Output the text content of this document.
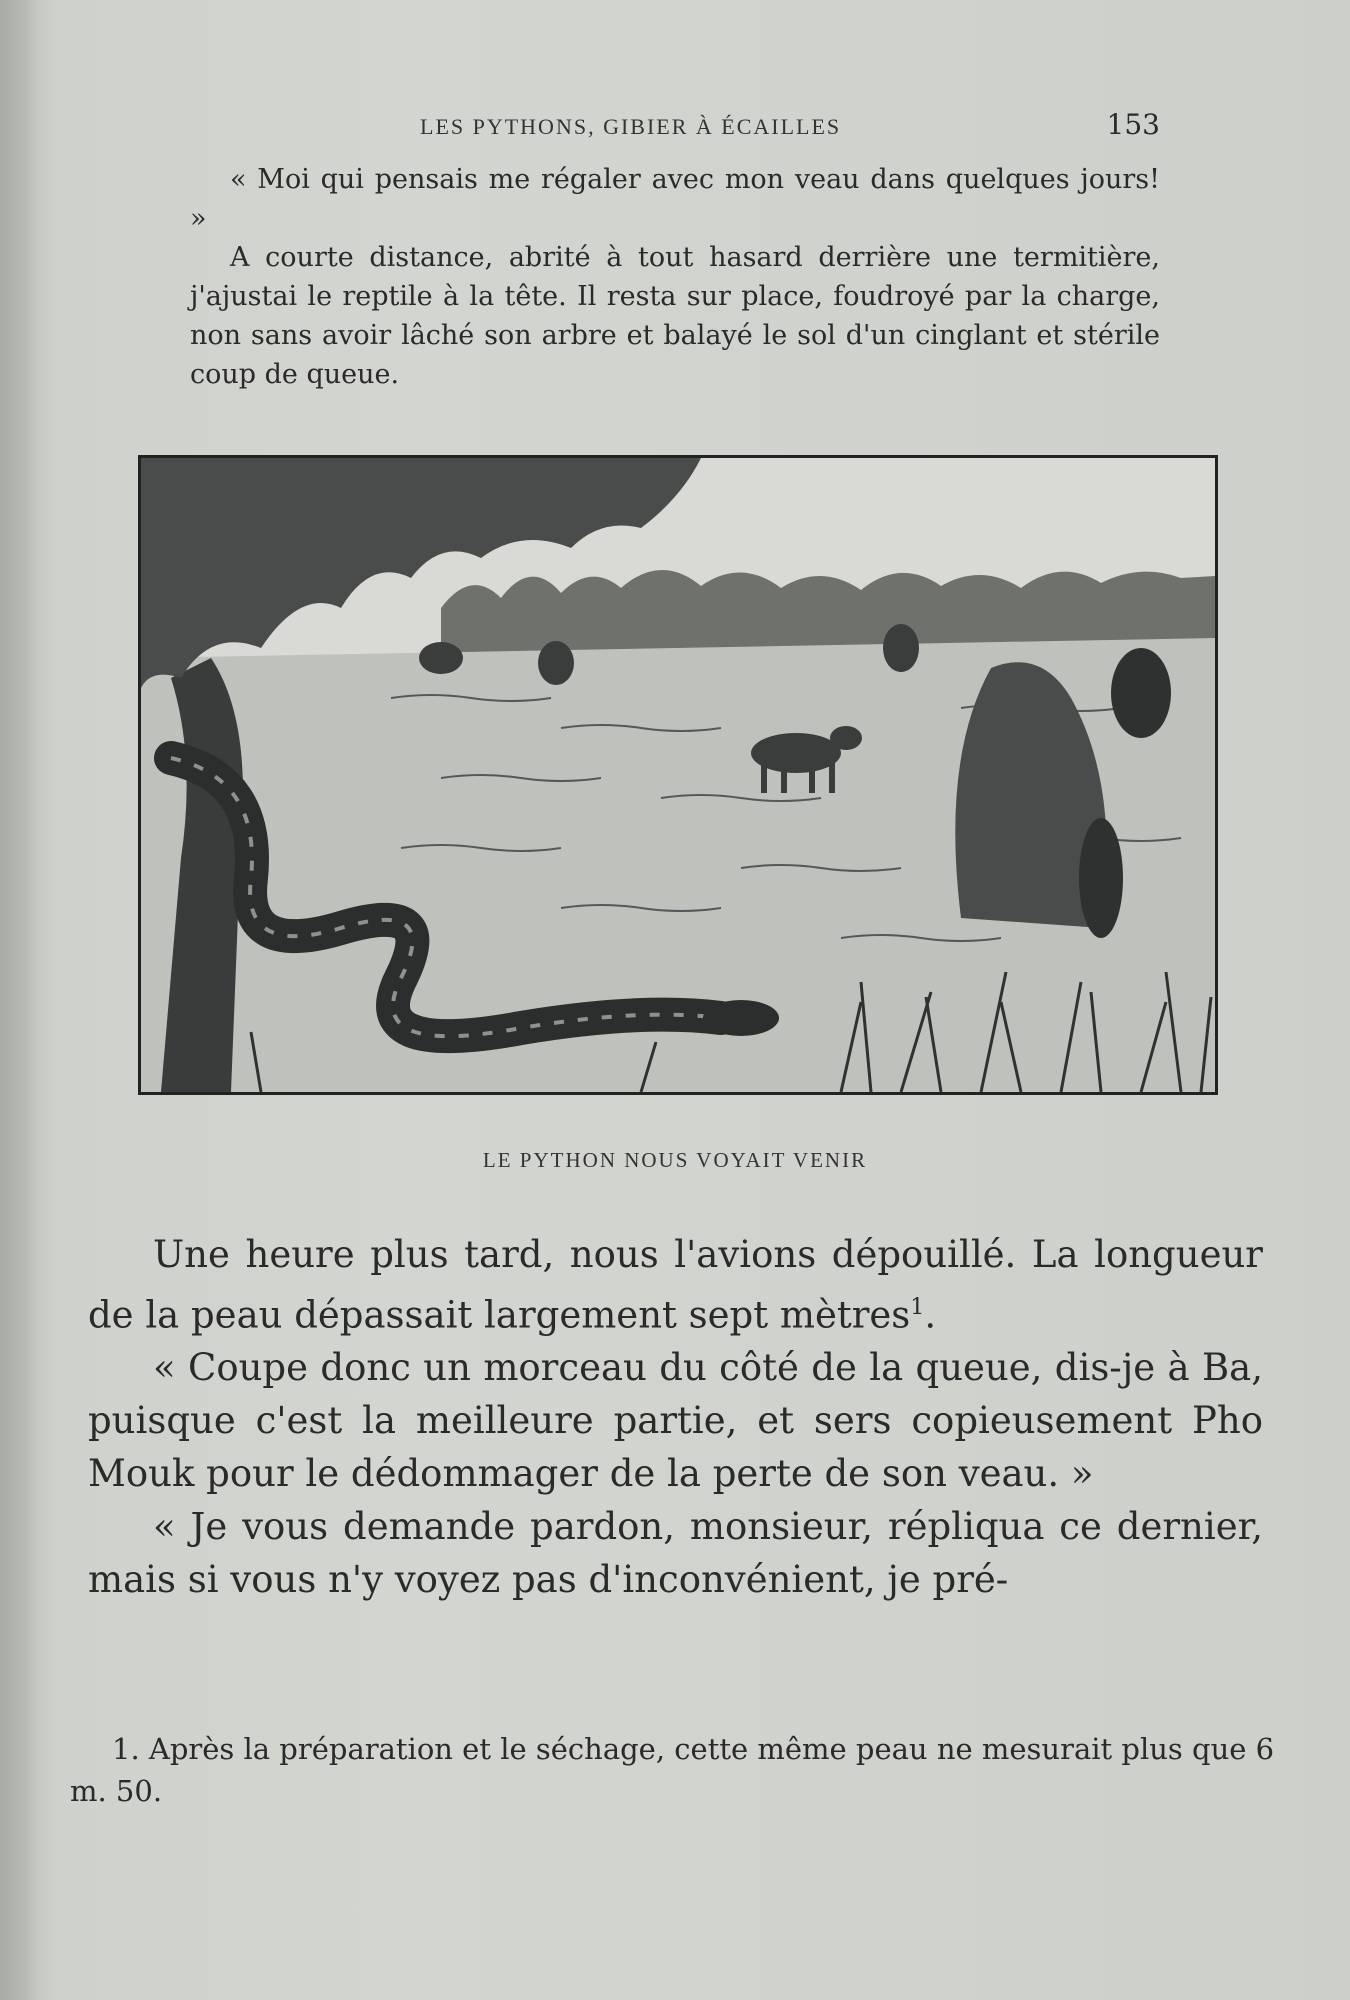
LES PYTHONS, GIBIER À ÉCAILLES	153

« Moi qui pensais me régaler avec mon veau dans quelques jours! »

A courte distance, abrité à tout hasard derrière une termitière, j'ajustai le reptile à la tête. Il resta sur place, foudroyé par la charge, non sans avoir lâché son arbre et balayé le sol d'un cinglant et stérile coup de queue.

LE PYTHON NOUS VOYAIT VENIR

Une heure plus tard, nous l'avions dépouillé. La longueur de la peau dépassait largement sept mètres$^1$.

« Coupe donc un morceau du côté de la queue, dis-je à Ba, puisque c'est la meilleure partie, et sers copieusement Pho Mouk pour le dédommager de la perte de son veau. »

« Je vous demande pardon, monsieur, répliqua ce dernier, mais si vous n'y voyez pas d'inconvénient, je pré-

1. Après la préparation et le séchage, cette même peau ne mesurait plus que 6 m. 50.
